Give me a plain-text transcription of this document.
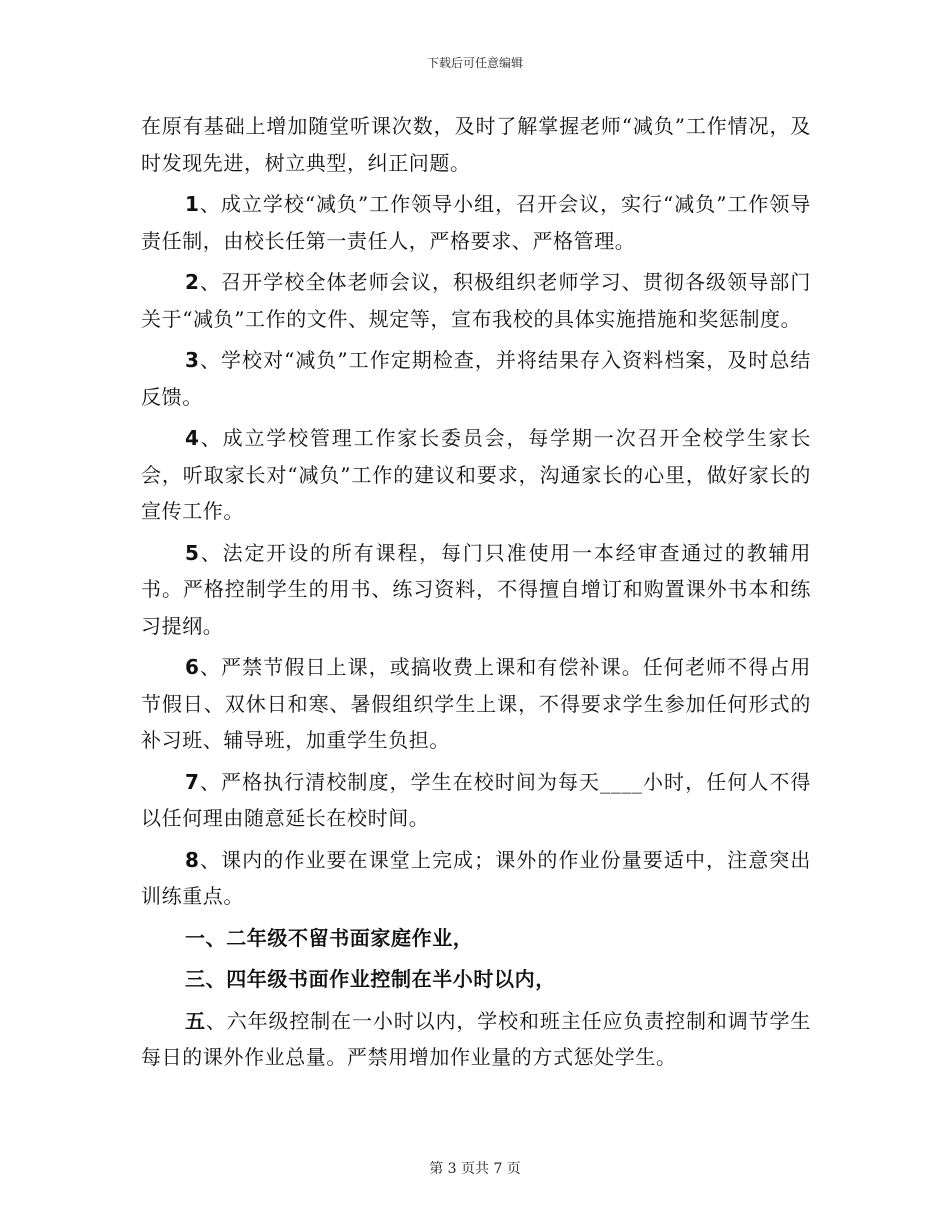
下载后可任意编辑

在原有基础上增加随堂听课次数，及时了解掌握老师“减负”工作情况，及时发现先进，树立典型，纠正问题。

1、成立学校“减负”工作领导小组，召开会议，实行“减负”工作领导责任制，由校长任第一责任人，严格要求、严格管理。

2、召开学校全体老师会议，积极组织老师学习、贯彻各级领导部门关于“减负”工作的文件、规定等，宣布我校的具体实施措施和奖惩制度。

3、学校对“减负”工作定期检查，并将结果存入资料档案，及时总结反馈。

4、成立学校管理工作家长委员会，每学期一次召开全校学生家长会，听取家长对“减负”工作的建议和要求，沟通家长的心里，做好家长的宣传工作。

5、法定开设的所有课程，每门只准使用一本经审查通过的教辅用书。严格控制学生的用书、练习资料，不得擅自增订和购置课外书本和练习提纲。

6、严禁节假日上课，或搞收费上课和有偿补课。任何老师不得占用节假日、双休日和寒、暑假组织学生上课，不得要求学生参加任何形式的补习班、辅导班，加重学生负担。

7、严格执行清校制度，学生在校时间为每天____小时，任何人不得以任何理由随意延长在校时间。

8、课内的作业要在课堂上完成；课外的作业份量要适中，注意突出训练重点。

一、二年级不留书面家庭作业，

三、四年级书面作业控制在半小时以内，

五、六年级控制在一小时以内，学校和班主任应负责控制和调节学生每日的课外作业总量。严禁用增加作业量的方式惩处学生。

第 3 页共 7 页
